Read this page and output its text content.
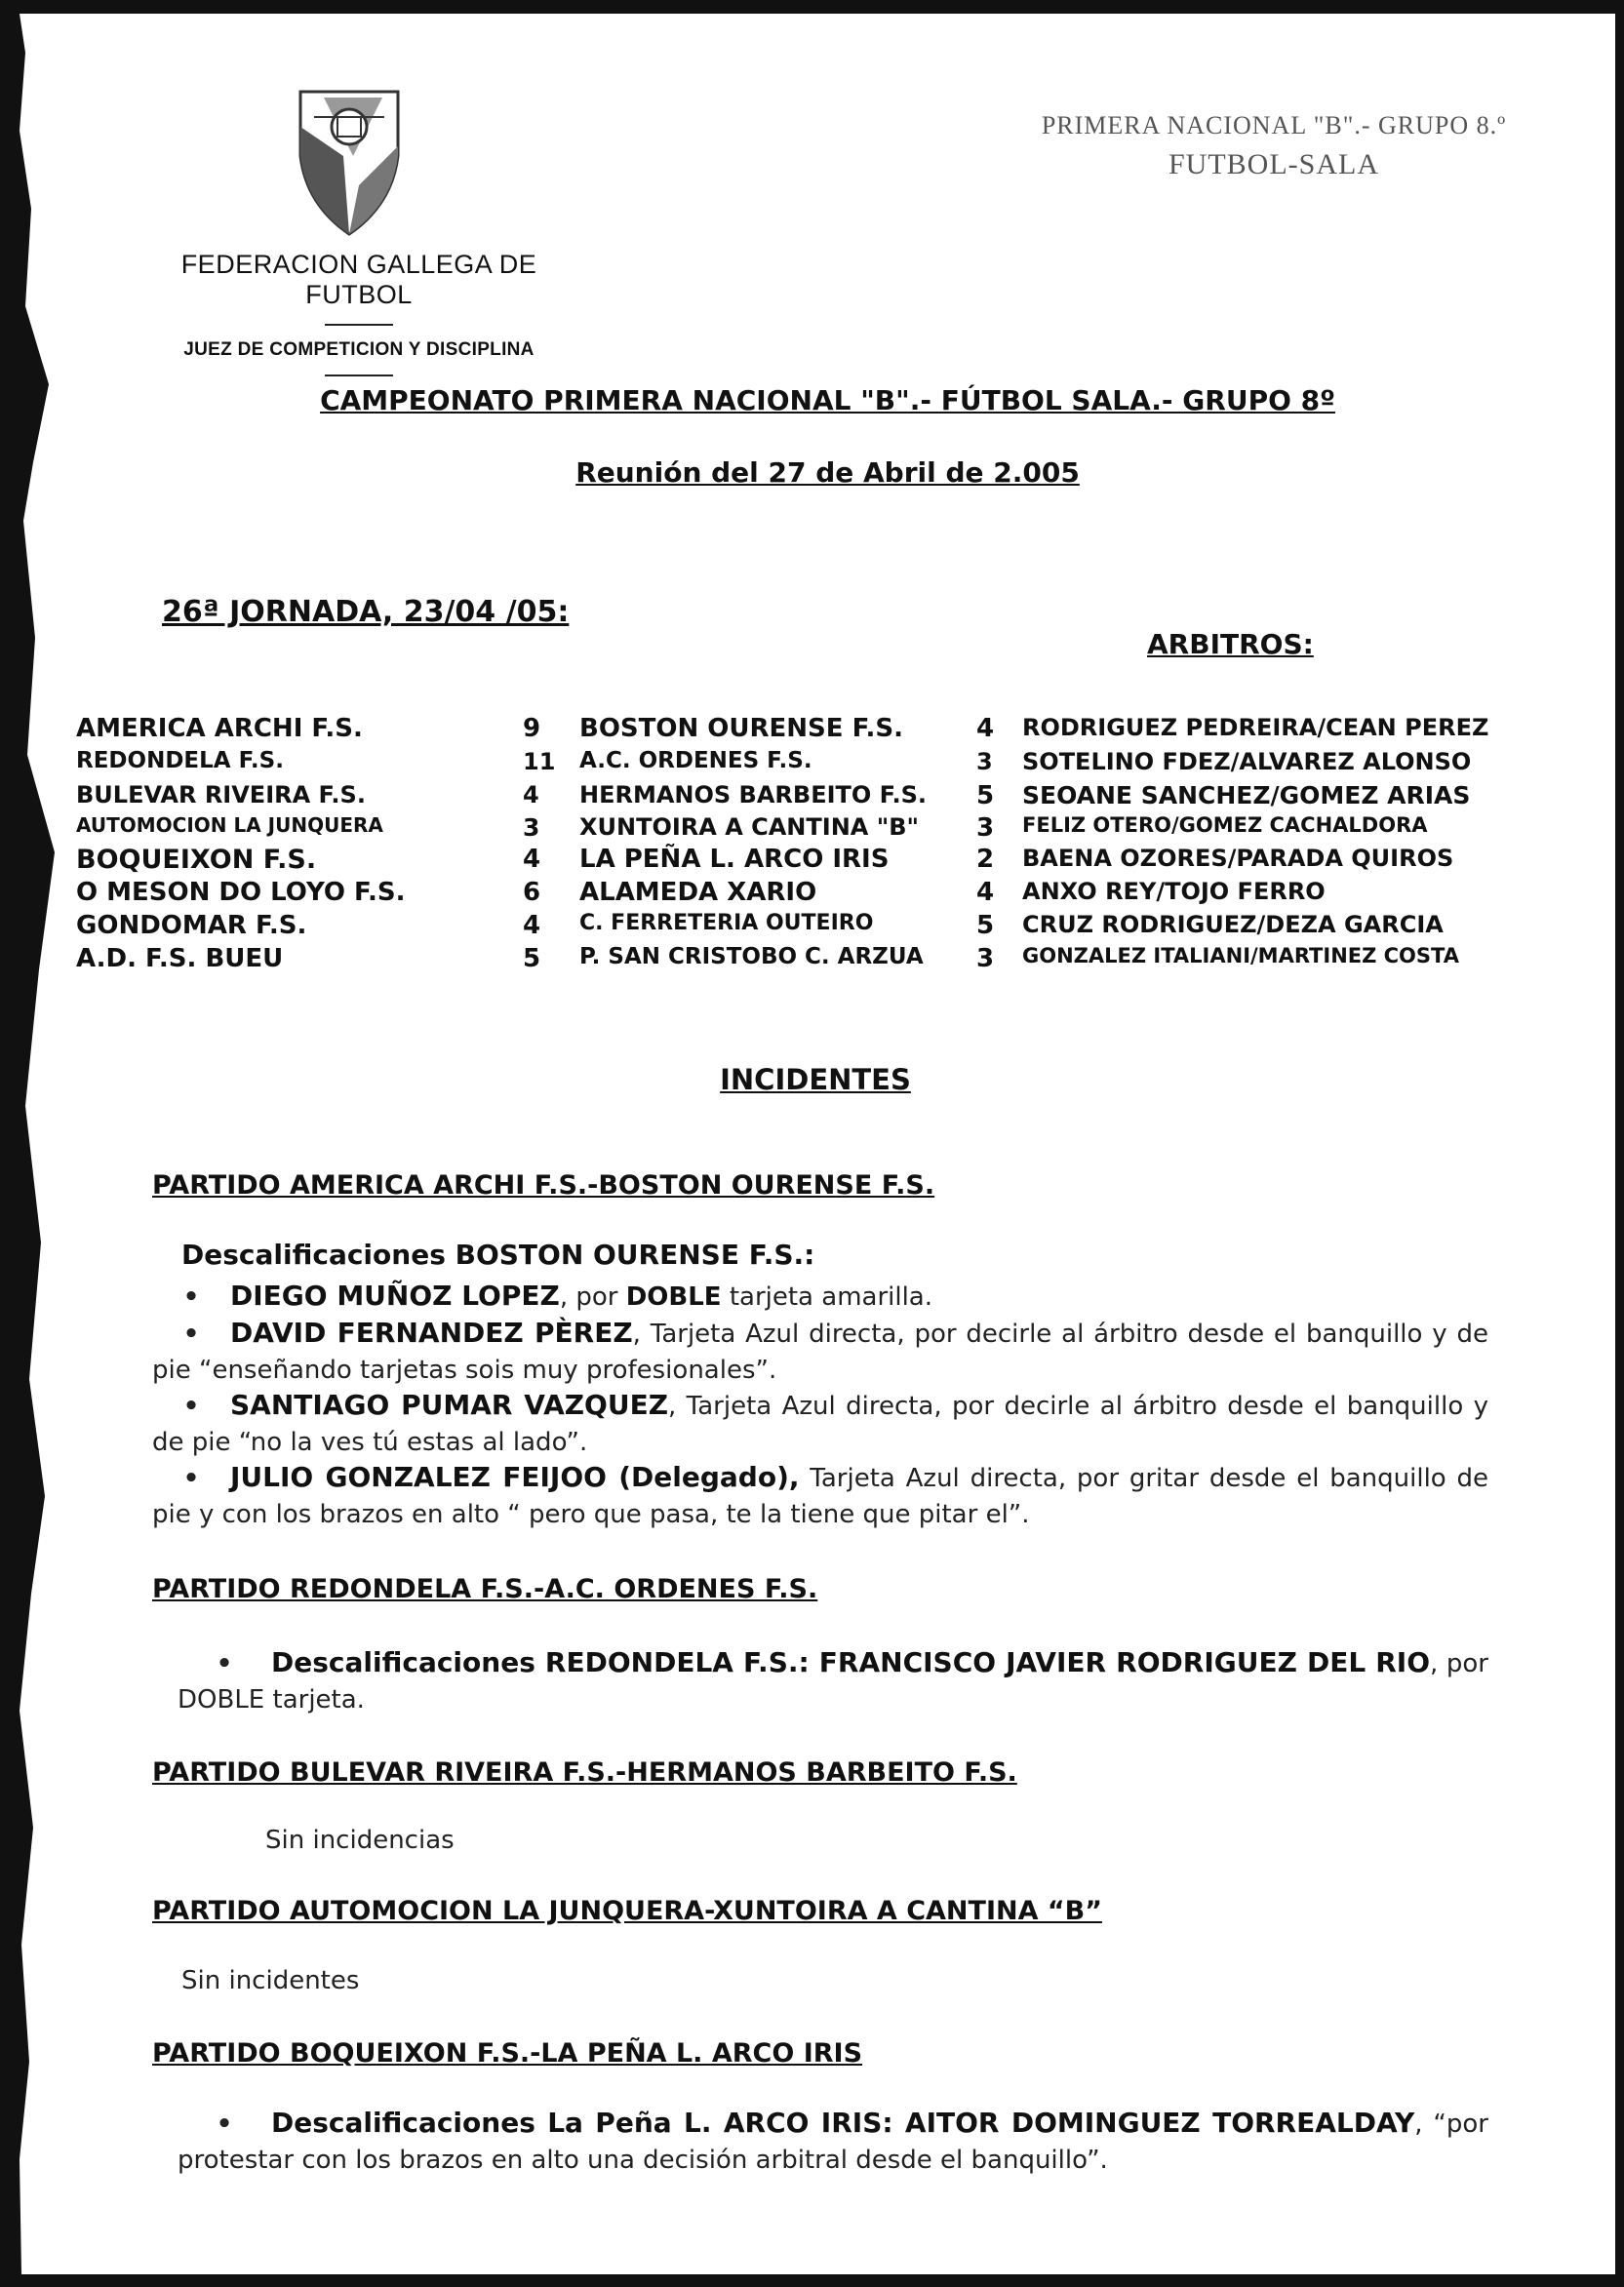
FEDERACION GALLEGA DE FUTBOL
JUEZ DE COMPETICION Y DISCIPLINA
PRIMERA NACIONAL "B".- GRUPO 8.º
FUTBOL-SALA
CAMPEONATO PRIMERA NACIONAL "B".- FÚTBOL SALA.- GRUPO 8º
Reunión del 27 de Abril de 2.005
26ª JORNADA, 23/04 /05:
ARBITROS:
AMERICA ARCHI F.S.	9 BOSTON OURENSE F.S.	4 RODRIGUEZ PEDREIRA/CEAN PEREZ
REDONDELA F.S.	11 A.C. ORDENES F.S.	3 SOTELINO FDEZ/ALVAREZ ALONSO
BULEVAR RIVEIRA F.S.	4 HERMANOS BARBEITO F.S. 5 SEOANE SANCHEZ/GOMEZ ARIAS
AUTOMOCION LA JUNQUERA	3 XUNTOIRA A CANTINA "B" 3 FELIZ OTERO/GOMEZ CACHALDORA
BOQUEIXON F.S.	4 LA PEÑA L. ARCO IRIS	2 BAENA OZORES/PARADA QUIROS
O MESON DO LOYO F.S.	6 ALAMEDA XARIO	4 ANXO REY/TOJO FERRO
GONDOMAR F.S.	4 C. FERRETERIA OUTEIRO	5 CRUZ RODRIGUEZ/DEZA GARCIA
A.D. F.S. BUEU	5 P. SAN CRISTOBO C. ARZUA 3 GONZALEZ ITALIANI/MARTINEZ COSTA
INCIDENTES
PARTIDO AMERICA ARCHI F.S.-BOSTON OURENSE F.S.
Descalificaciones BOSTON OURENSE F.S.:
• DIEGO MUÑOZ LOPEZ, por DOBLE tarjeta amarilla.
• DAVID FERNANDEZ PÈREZ, Tarjeta Azul directa, por decirle al árbitro desde el banquillo y de pie “enseñando tarjetas sois muy profesionales”.
• SANTIAGO PUMAR VAZQUEZ, Tarjeta Azul directa, por decirle al árbitro desde el banquillo y de pie “no la ves tú estas al lado”.
• JULIO GONZALEZ FEIJOO (Delegado), Tarjeta Azul directa, por gritar desde el banquillo de pie y con los brazos en alto “ pero que pasa, te la tiene que pitar el”.
PARTIDO REDONDELA F.S.-A.C. ORDENES F.S.
• Descalificaciones REDONDELA F.S.: FRANCISCO JAVIER RODRIGUEZ DEL RIO, por DOBLE tarjeta.
PARTIDO BULEVAR RIVEIRA F.S.-HERMANOS BARBEITO F.S.
Sin incidencias
PARTIDO AUTOMOCION LA JUNQUERA-XUNTOIRA A CANTINA “B”
Sin incidentes
PARTIDO BOQUEIXON F.S.-LA PEÑA L. ARCO IRIS
• Descalificaciones La Peña L. ARCO IRIS: AITOR DOMINGUEZ TORREALDAY, “por protestar con los brazos en alto una decisión arbitral desde el banquillo”.
